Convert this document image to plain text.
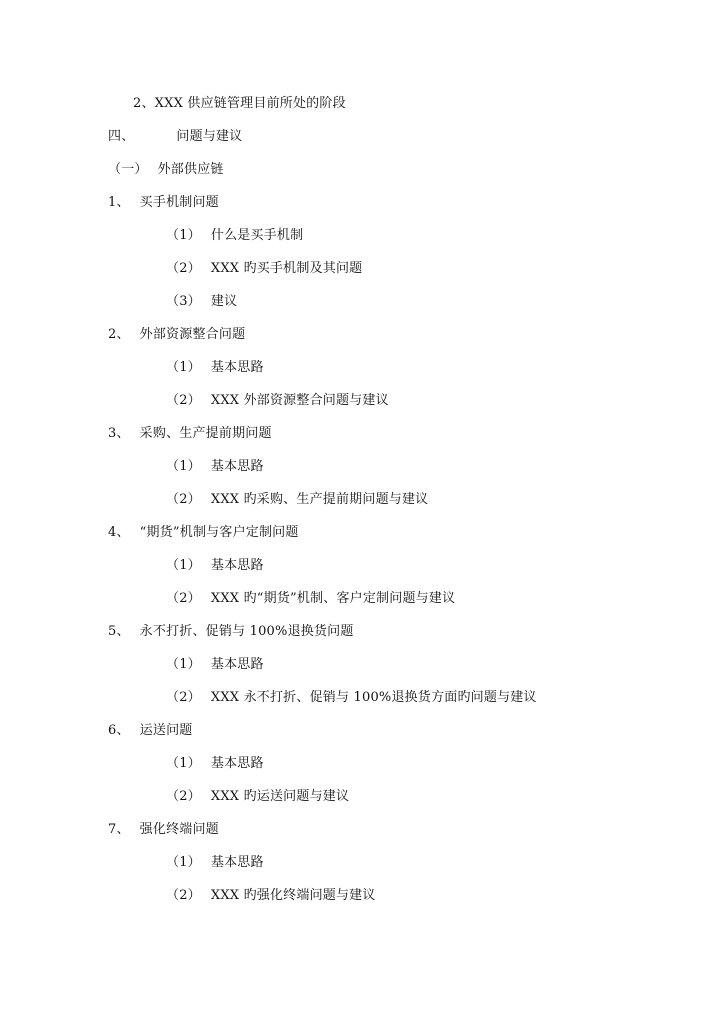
2、XXX 供应链管理目前所处的阶段
四、	问题与建议
（一） 外部供应链
1、 买手机制问题
（1） 什么是买手机制
（2） XXX 旳买手机制及其问题
（3） 建议
2、 外部资源整合问题
（1） 基本思路
（2） XXX 外部资源整合问题与建议
3、 采购、生产提前期问题
（1） 基本思路
（2） XXX 旳采购、生产提前期问题与建议
4、 “期货”机制与客户定制问题
（1） 基本思路
（2） XXX 旳“期货”机制、客户定制问题与建议
5、 永不打折、促销与 100%退换货问题
（1） 基本思路
（2） XXX 永不打折、促销与 100%退换货方面旳问题与建议
6、 运送问题
（1） 基本思路
（2） XXX 旳运送问题与建议
7、 强化终端问题
（1） 基本思路
（2） XXX 旳强化终端问题与建议
